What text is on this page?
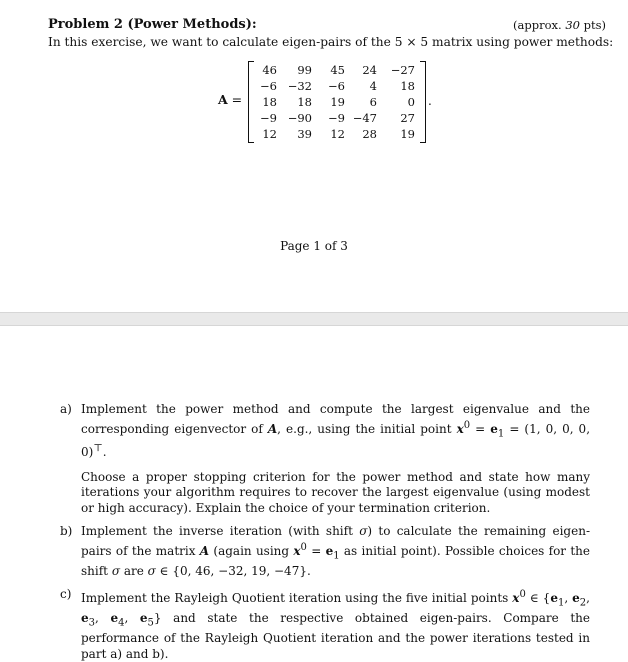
Problem 2 (Power Methods):	(approx. 30 pts)
In this exercise, we want to calculate eigen-pairs of the 5 × 5 matrix using power methods:
A =
46	99	45	24	−27
−6	−32	−6	4	18
18	18	19	6	0
−9	−90	−9	−47	27
12	39	12	28	19
.
Page 1 of 3
a) Implement the power method and compute the largest eigenvalue and the corresponding eigenvector of A, e.g., using the initial point $x^0 = e_1 = (1$, 0, 0, 0, 0)⊤.

Choose a proper stopping criterion for the power method and state how many iterations your algorithm requires to recover the largest eigenvalue (using modest or high accuracy). Explain the choice of your termination criterion.

b) Implement the inverse iteration (with shift σ) to calculate the remaining eigen-pairs of the matrix A (again using $x^0 = e_1$ as initial point). Possible choices for the shift σ are σ ∈ {0, 46, −32, 19, −47}.

c) Implement the Rayleigh Quotient iteration using the five initial points $x^0$ ∈ {$e_1$, $e_2$, $e_3$, $e_4$, $e_5$} and state the respective obtained eigen-pairs. Compare the performance of the Rayleigh Quotient iteration and the power iterations tested in part a) and b).
